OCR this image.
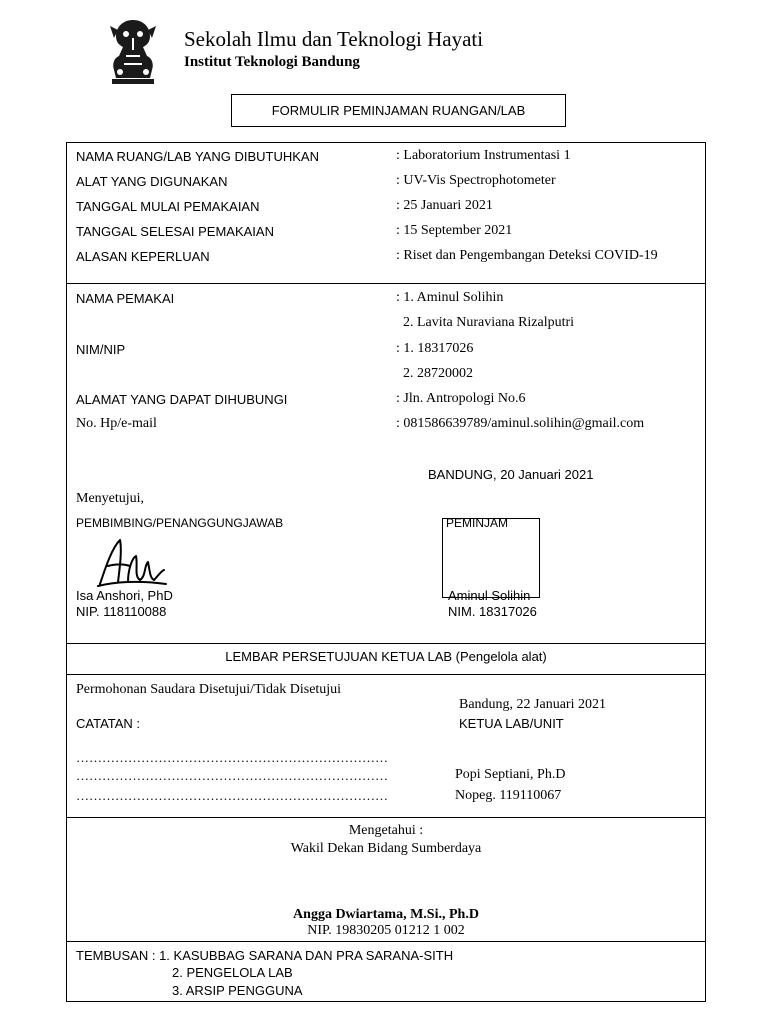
Sekolah Ilmu dan Teknologi Hayati
Institut Teknologi Bandung
FORMULIR PEMINJAMAN RUANGAN/LAB
NAMA RUANG/LAB YANG DIBUTUHKAN	: Laboratorium Instrumentasi 1
ALAT YANG DIGUNAKAN	: UV-Vis Spectrophotometer
TANGGAL MULAI PEMAKAIAN	: 25 Januari 2021
TANGGAL SELESAI PEMAKAIAN	: 15 September 2021
ALASAN KEPERLUAN	: Riset dan Pengembangan Deteksi COVID-19
NAMA PEMAKAI	: 1. Aminul Solihin
2. Lavita Nuraviana Rizalputri
NIM/NIP	: 1. 18317026
2. 28720002
ALAMAT YANG DAPAT DIHUBUNGI	: Jln. Antropologi No.6
No. Hp/e-mail	: 081586639789/aminul.solihin@gmail.com
BANDUNG, 20 Januari 2021
Menyetujui,
PEMBIMBING/PENANGGUNGJAWAB	PEMINJAM
Isa Anshori, PhD
NIP. 118110088
Aminul Solihin
NIM. 18317026
LEMBAR PERSETUJUAN KETUA LAB (Pengelola alat)
Permohonan Saudara Disetujui/Tidak Disetujui
CATATAN :
………………………………………………………………
………………………………………………………………
………………………………………………………………
Bandung, 22 Januari 2021
KETUA LAB/UNIT
Popi Septiani, Ph.D
Nopeg. 119110067
Mengetahui :
Wakil Dekan Bidang Sumberdaya
Angga Dwiartama, M.Si., Ph.D
NIP. 19830205 01212 1 002
TEMBUSAN : 1. KASUBBAG SARANA DAN PRA SARANA-SITH
2. PENGELOLA LAB
3. ARSIP PENGGUNA
